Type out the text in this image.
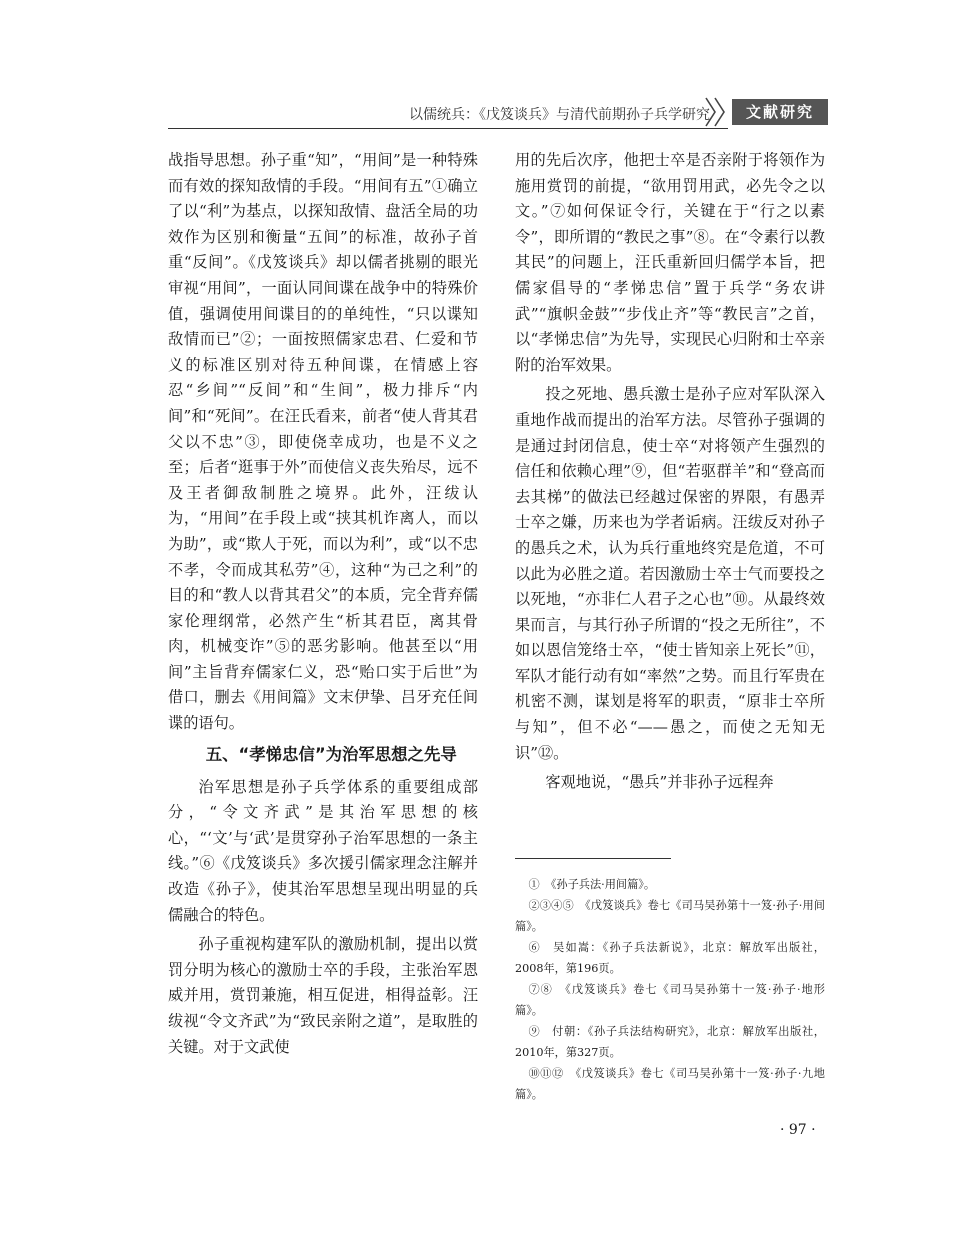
以儒统兵：《戊笈谈兵》与清代前期孙子兵学研究	文献研究

战指导思想。孙子重“知”，“用间”是一种特殊而有效的探知敌情的手段。“用间有五”①确立了以“利”为基点，以探知敌情、盘活全局的功效作为区别和衡量“五间”的标准，故孙子首重“反间”。《戊笈谈兵》却以儒者挑剔的眼光审视“用间”，一面认同间谍在战争中的特殊价值，强调使用间谍目的的单纯性，“只以谍知敌情而已”②；一面按照儒家忠君、仁爱和节义的标准区别对待五种间谍，在情感上容忍“乡间”“反间”和“生间”，极力排斥“内间”和“死间”。在汪氏看来，前者“使人背其君父以不忠”③，即使侥幸成功，也是不义之至；后者“逛事于外”而使信义丧失殆尽，远不及王者御敌制胜之境界。此外，汪绂认为，“用间”在手段上或“挟其机诈离人，而以为助”，或“欺人于死，而以为利”，或“以不忠不孝，令而成其私劳”④，这种“为己之利”的目的和“教人以背其君父”的本质，完全背弃儒家伦理纲常，必然产生“析其君臣，离其骨肉，机械变诈”⑤的恶劣影响。他甚至以“用间”主旨背弃儒家仁义，恐“贻口实于后世”为借口，删去《用间篇》文末伊挚、吕牙充任间谍的语句。

五、“孝悌忠信”为治军思想之先导

治军思想是孙子兵学体系的重要组成部分，“令文齐武”是其治军思想的核心，“‘文’与‘武’是贯穿孙子治军思想的一条主线。”⑥《戊笈谈兵》多次援引儒家理念注解并改造《孙子》，使其治军思想呈现出明显的兵儒融合的特色。

孙子重视构建军队的激励机制，提出以赏罚分明为核心的激励士卒的手段，主张治军恩威并用，赏罚兼施，相互促进，相得益彰。汪绂视“令文齐武”为“致民亲附之道”，是取胜的关键。对于文武使

用的先后次序，他把士卒是否亲附于将领作为施用赏罚的前提，“欲用罚用武，必先令之以文。”⑦如何保证令行，关键在于“行之以素令”，即所谓的“教民之事”⑧。在“令素行以教其民”的问题上，汪氏重新回归儒学本旨，把儒家倡导的“孝悌忠信”置于兵学“务农讲武”“旗帜金鼓”“步伐止齐”等“教民言”之首，以“孝悌忠信”为先导，实现民心归附和士卒亲附的治军效果。

投之死地、愚兵激士是孙子应对军队深入重地作战而提出的治军方法。尽管孙子强调的是通过封闭信息，使士卒“对将领产生强烈的信任和依赖心理”⑨，但“若驱群羊”和“登高而去其梯”的做法已经越过保密的界限，有愚弄士卒之嫌，历来也为学者诟病。汪绂反对孙子的愚兵之术，认为兵行重地终究是危道，不可以此为必胜之道。若因激励士卒士气而要投之以死地，“亦非仁人君子之心也”⑩。从最终效果而言，与其行孙子所谓的“投之无所往”，不如以恩信笼络士卒，“使士皆知亲上死长”⑪，军队才能行动有如“率然”之势。而且行军贵在机密不测，谋划是将军的职责，“原非士卒所与知”，但不必“——愚之，而使之无知无识”⑫。

客观地说，“愚兵”并非孙子远程奔

①　《孙子兵法·用间篇》。

②③④⑤　《戊笈谈兵》卷七《司马吴孙第十一笈·孙子·用间篇》。

⑥　吴如嵩：《孙子兵法新说》，北京：解放军出版社，2008年，第196页。

⑦⑧　《戊笈谈兵》卷七《司马吴孙第十一笈·孙子·地形篇》。

⑨　付朝：《孙子兵法结构研究》，北京：解放军出版社，2010年，第327页。

⑩⑪⑫　《戊笈谈兵》卷七《司马吴孙第十一笈·孙子·九地篇》。

· 97 ·
